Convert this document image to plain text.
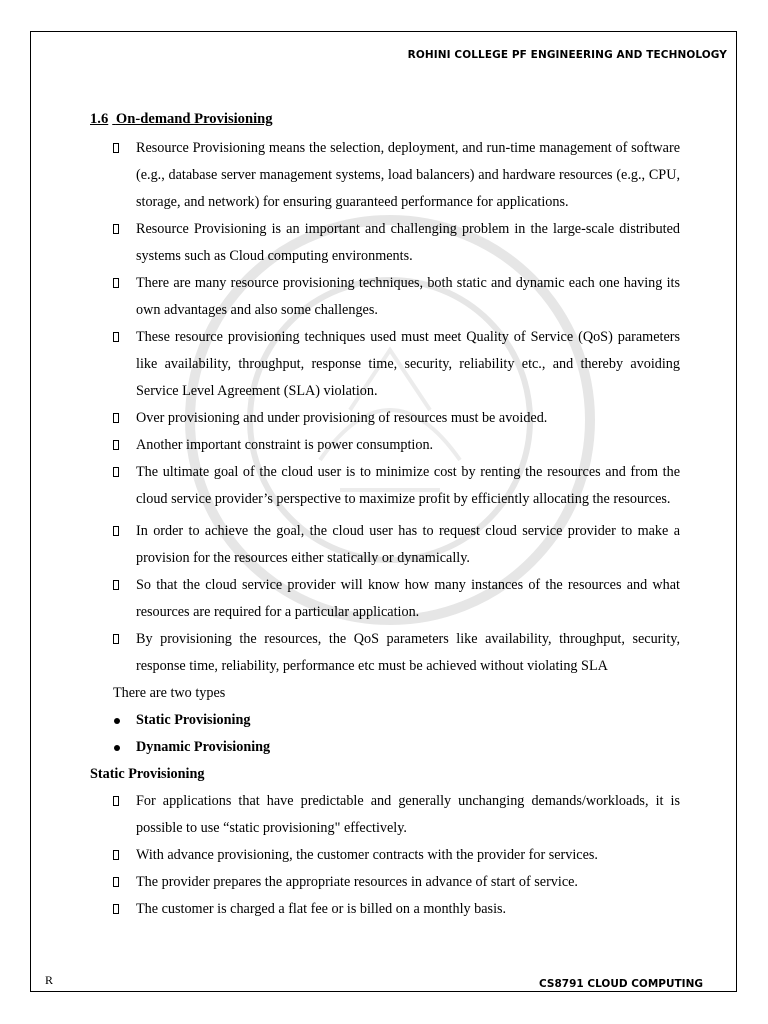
ROHINI COLLEGE PF ENGINEERING AND TECHNOLOGY
1.6 On-demand Provisioning
Resource Provisioning means the selection, deployment, and run-time management of software (e.g., database server management systems, load balancers) and hardware resources (e.g., CPU, storage, and network) for ensuring guaranteed performance for applications.
Resource Provisioning is an important and challenging problem in the large-scale distributed systems such as Cloud computing environments.
There are many resource provisioning techniques, both static and dynamic each one having its own advantages and also some challenges.
These resource provisioning techniques used must meet Quality of Service (QoS) parameters like availability, throughput, response time, security, reliability etc., and thereby avoiding Service Level Agreement (SLA) violation.
Over provisioning and under provisioning of resources must be avoided.
Another important constraint is power consumption.
The ultimate goal of the cloud user is to minimize cost by renting the resources and from the cloud service provider’s perspective to maximize profit by efficiently allocating the resources.
In order to achieve the goal, the cloud user has to request cloud service provider to make a provision for the resources either statically or dynamically.
So that the cloud service provider will know how many instances of the resources and what resources are required for a particular application.
By provisioning the resources, the QoS parameters like availability, throughput, security, response time, reliability, performance etc must be achieved without violating SLA
There are two types
Static Provisioning
Dynamic Provisioning
Static Provisioning
For applications that have predictable and generally unchanging demands/workloads, it is possible to use “static provisioning" effectively.
With advance provisioning, the customer contracts with the provider for services.
The provider prepares the appropriate resources in advance of start of service.
The customer is charged a flat fee or is billed on a monthly basis.
R	CS8791 CLOUD COMPUTING
